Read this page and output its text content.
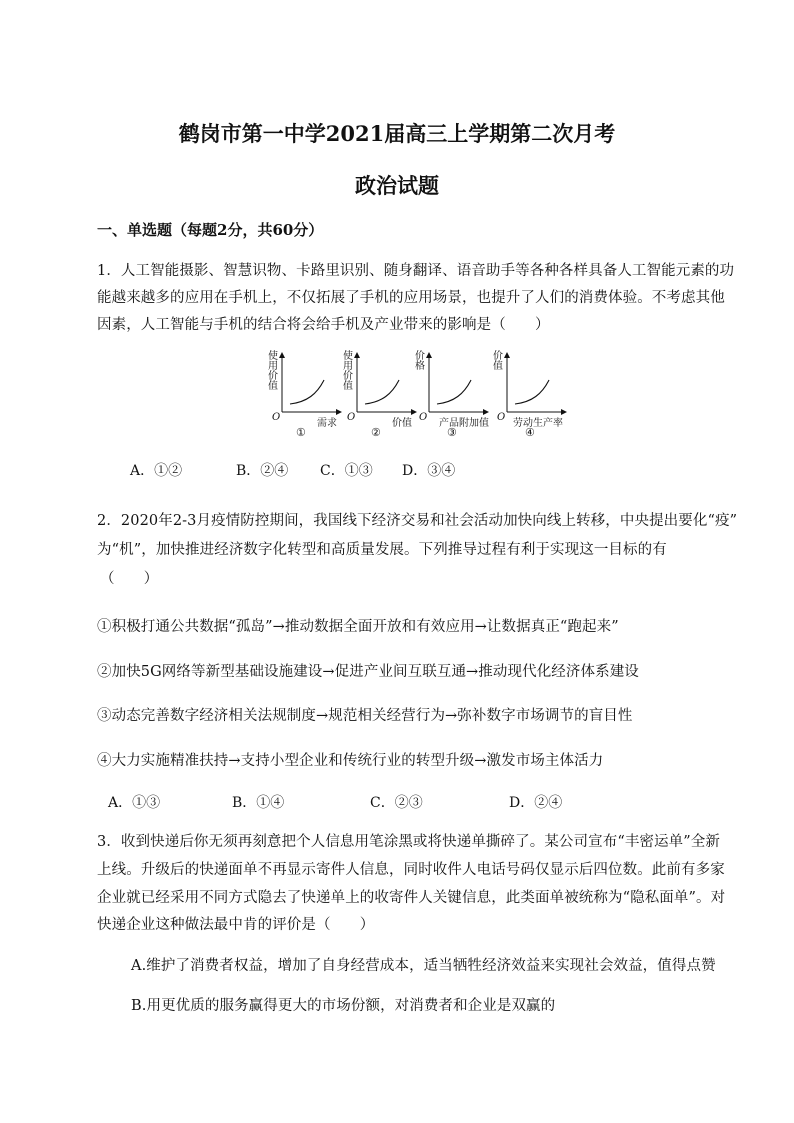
鹤岗市第一中学2021届高三上学期第二次月考
政治试题
一、单选题（每题2分，共60分）
1．人工智能摄影、智慧识物、卡路里识别、随身翻译、语音助手等各种各样具备人工智能元素的功
能越来越多的应用在手机上，不仅拓展了手机的应用场景，也提升了人们的消费体验。不考虑其他
因素，人工智能与手机的结合将会给手机及产业带来的影响是（　　）
使用价值
O
需求
①
使用价值
O
价值
②
价格
O
产品附加值
③
价值
O
劳动生产率
④
A．①②	B．②④ C．①③ D．③④
2．2020年2-3月疫情防控期间，我国线下经济交易和社会活动加快向线上转移，中央提出要化“疫”
为“机”，加快推进经济数字化转型和高质量发展。下列推导过程有利于实现这一目标的有
（　　）
①积极打通公共数据“孤岛”→推动数据全面开放和有效应用→让数据真正“跑起来”
②加快5G网络等新型基础设施建设→促进产业间互联互通→推动现代化经济体系建设
③动态完善数字经济相关法规制度→规范相关经营行为→弥补数字市场调节的盲目性
④大力实施精准扶持→支持小型企业和传统行业的转型升级→激发市场主体活力
A．①③	B．①④	C．②③	D．②④
3．收到快递后你无须再刻意把个人信息用笔涂黑或将快递单撕碎了。某公司宣布“丰密运单”全新
上线。升级后的快递面单不再显示寄件人信息，同时收件人电话号码仅显示后四位数。此前有多家
企业就已经采用不同方式隐去了快递单上的收寄件人关键信息，此类面单被统称为“隐私面单”。对
快递企业这种做法最中肯的评价是（　　）
A.维护了消费者权益，增加了自身经营成本，适当牺牲经济效益来实现社会效益，值得点赞
B.用更优质的服务赢得更大的市场份额，对消费者和企业是双赢的
